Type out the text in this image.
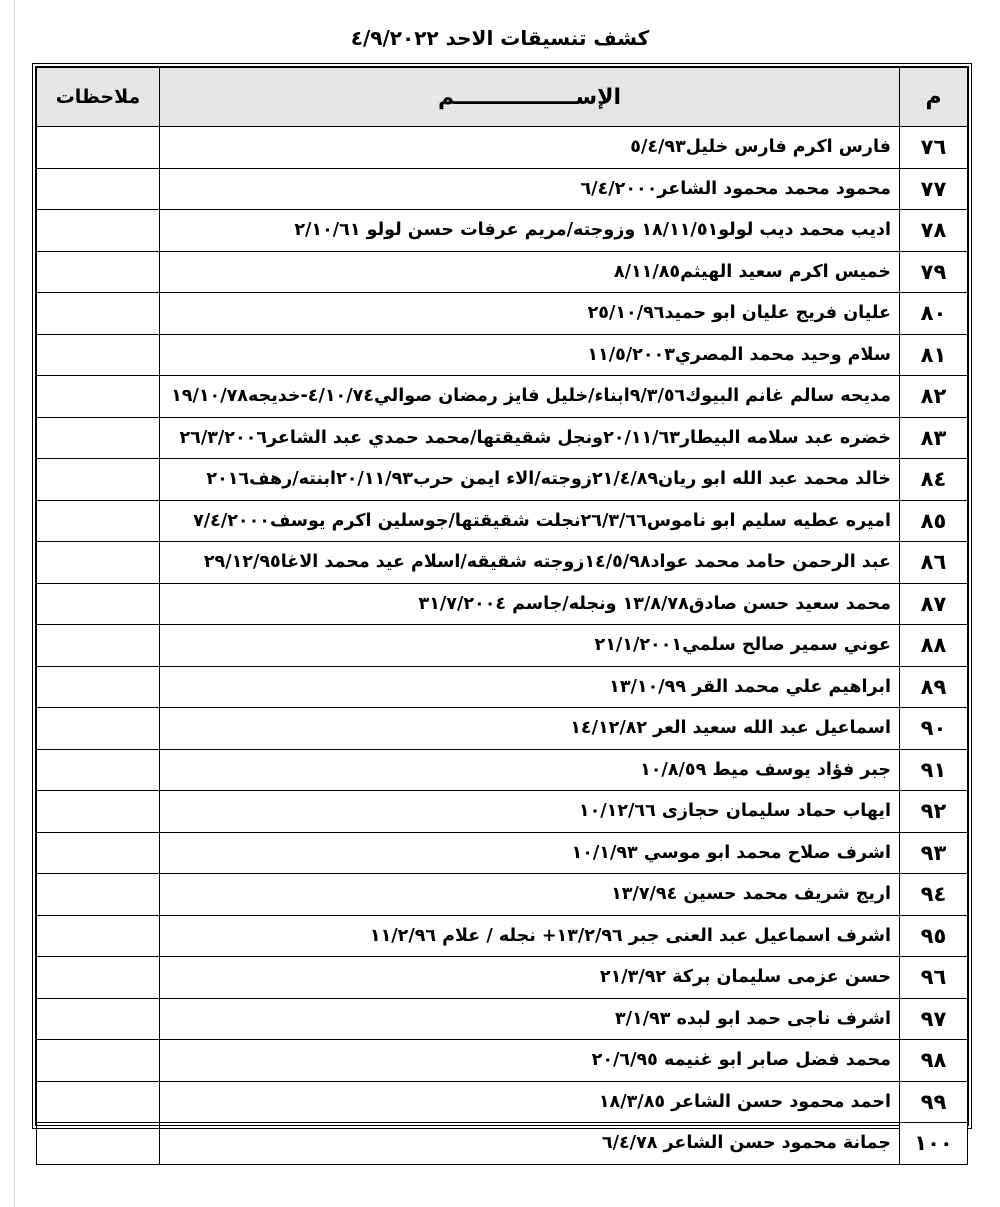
كشف تنسيقات الاحد ٤/٩/٢٠٢٢
م	الإســــــــــــــــم	ملاحظات
٧٦	فارس اكرم فارس خليل٥/٤/٩٣	
٧٧	محمود محمد محمود الشاعر٦/٤/٢٠٠٠	
٧٨	اديب محمد ديب لولو١٨/١١/٥١ وزوجته/مريم عرفات حسن لولو ٢/١٠/٦١	
٧٩	خميس اكرم سعيد الهيثم٨/١١/٨٥	
٨٠	عليان فريج عليان ابو حميد٢٥/١٠/٩٦	
٨١	سلام وحيد محمد المصري١١/٥/٢٠٠٣	
٨٢	مديحه سالم غانم البيوك٩/٣/٥٦ابناء/خليل فايز رمضان صوالي٤/١٠/٧٤-خديجه١٩/١٠/٧٨	
٨٣	خضره عبد سلامه البيطار٢٠/١١/٦٣ونجل شقيقتها/محمد حمدي عبد الشاعر٢٦/٣/٢٠٠٦	
٨٤	خالد محمد عبد الله ابو ريان٢١/٤/٨٩زوجته/الاء ايمن حرب٢٠/١١/٩٣ابنته/رهف٢٠١٦	
٨٥	اميره عطيه سليم ابو ناموس٢٦/٣/٦٦نجلت شقيقتها/جوسلين اكرم يوسف٧/٤/٢٠٠٠	
٨٦	عبد الرحمن حامد محمد عواد١٤/٥/٩٨زوجته شقيقه/اسلام عيد محمد الاغا٢٩/١٢/٩٥	
٨٧	محمد سعيد حسن صادق١٣/٨/٧٨ ونجله/جاسم ٣١/٧/٢٠٠٤	
٨٨	عوني سمير صالح سلمي٢١/١/٢٠٠١	
٨٩	ابراهيم علي محمد القر ١٣/١٠/٩٩	
٩٠	اسماعيل عبد الله سعيد العر ١٤/١٢/٨٢	
٩١	جبر فؤاد يوسف ميط ١٠/٨/٥٩	
٩٢	ايهاب حماد سليمان حجازى ١٠/١٢/٦٦	
٩٣	اشرف صلاح محمد ابو موسي ١٠/١/٩٣	
٩٤	اريج شريف محمد حسين ١٣/٧/٩٤	
٩٥	اشرف اسماعيل عبد العنى جبر ١٣/٢/٩٦+ نجله / علام ١١/٢/٩٦	
٩٦	حسن عزمى سليمان بركة ٢١/٣/٩٢	
٩٧	اشرف ناجى حمد ابو لبده ٣/١/٩٣	
٩٨	محمد فضل صابر ابو غنيمه ٢٠/٦/٩٥	
٩٩	احمد محمود حسن الشاعر ١٨/٣/٨٥	
١٠٠	جمانة محمود حسن الشاعر ٦/٤/٧٨	
